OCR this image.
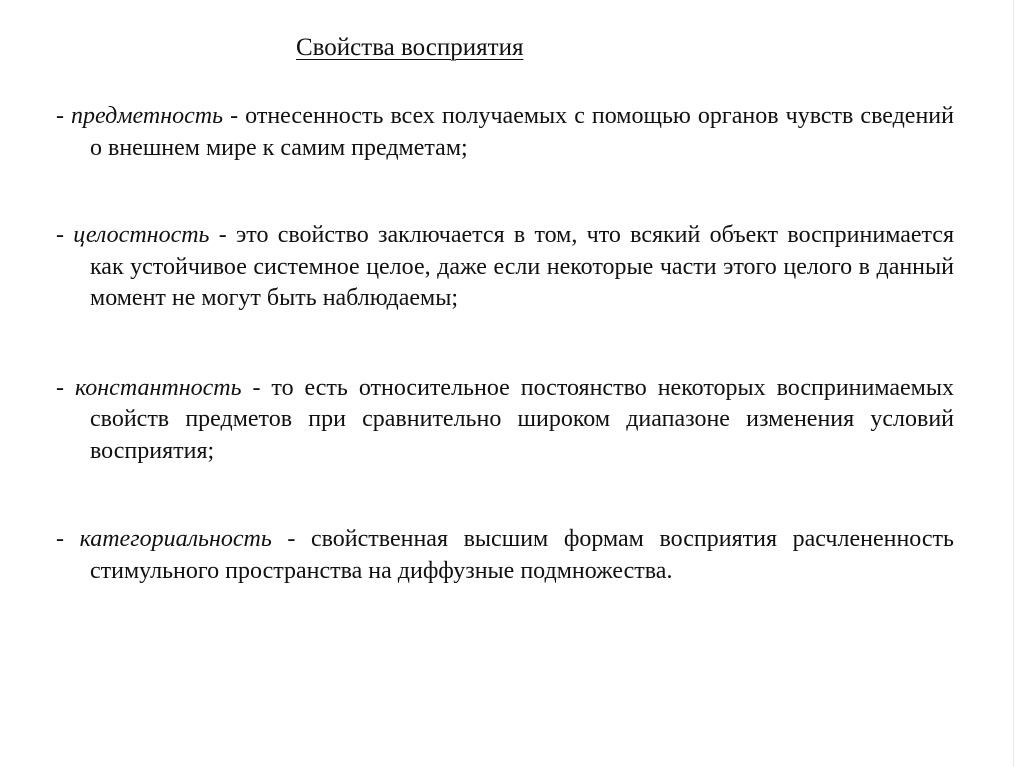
Свойства восприятия
- предметность - отнесенность всех получаемых с помощью органов чувств сведений о внешнем мире к самим предметам;
- целостность - это свойство заключается в том, что всякий объект воспринимается как устойчивое системное целое, даже если некоторые части этого целого в данный момент не могут быть наблюдаемы;
- константность - то есть относительное постоянство некоторых воспринимаемых свойств предметов при сравнительно широком диапазоне изменения условий восприятия;
- категориальность - свойственная высшим формам восприятия расчлененность стимульного пространства на диффузные подмножества.
